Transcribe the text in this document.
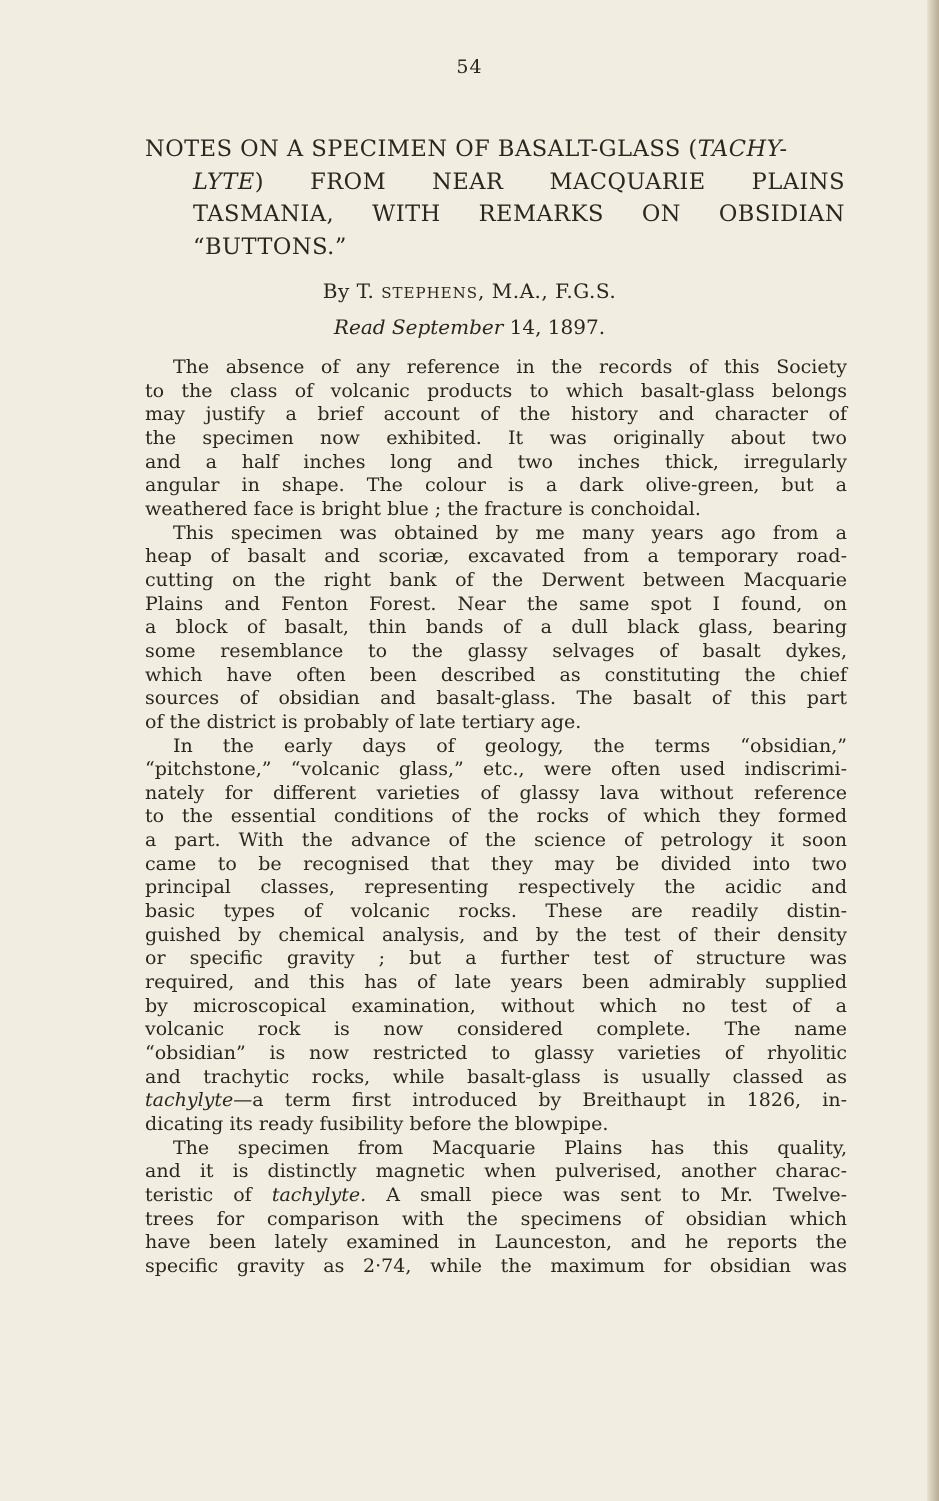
54
NOTES ON A SPECIMEN OF BASALT-GLASS (TACHY-
LYTE) FROM NEAR MACQUARIE PLAINS
TASMANIA, WITH REMARKS ON OBSIDIAN
“BUTTONS.”
By T. STEPHENS, M.A., F.G.S.
Read September 14, 1897.
The absence of any reference in the records of this Society
to the class of volcanic products to which basalt-glass belongs
may justify a brief account of the history and character of
the specimen now exhibited. It was originally about two
and a half inches long and two inches thick, irregularly
angular in shape. The colour is a dark olive-green, but a
weathered face is bright blue ; the fracture is conchoidal.
This specimen was obtained by me many years ago from a
heap of basalt and scoriæ, excavated from a temporary road-
cutting on the right bank of the Derwent between Macquarie
Plains and Fenton Forest. Near the same spot I found, on
a block of basalt, thin bands of a dull black glass, bearing
some resemblance to the glassy selvages of basalt dykes,
which have often been described as constituting the chief
sources of obsidian and basalt-glass. The basalt of this part
of the district is probably of late tertiary age.
In the early days of geology, the terms “obsidian,”
“pitchstone,” “volcanic glass,” etc., were often used indiscrimi-
nately for different varieties of glassy lava without reference
to the essential conditions of the rocks of which they formed
a part. With the advance of the science of petrology it soon
came to be recognised that they may be divided into two
principal classes, representing respectively the acidic and
basic types of volcanic rocks. These are readily distin-
guished by chemical analysis, and by the test of their density
or specific gravity ; but a further test of structure was
required, and this has of late years been admirably supplied
by microscopical examination, without which no test of a
volcanic rock is now considered complete. The name
“obsidian” is now restricted to glassy varieties of rhyolitic
and trachytic rocks, while basalt-glass is usually classed as
tachylyte—a term first introduced by Breithaupt in 1826, in-
dicating its ready fusibility before the blowpipe.
The specimen from Macquarie Plains has this quality,
and it is distinctly magnetic when pulverised, another charac-
teristic of tachylyte. A small piece was sent to Mr. Twelve-
trees for comparison with the specimens of obsidian which
have been lately examined in Launceston, and he reports the
specific gravity as 2·74, while the maximum for obsidian was
